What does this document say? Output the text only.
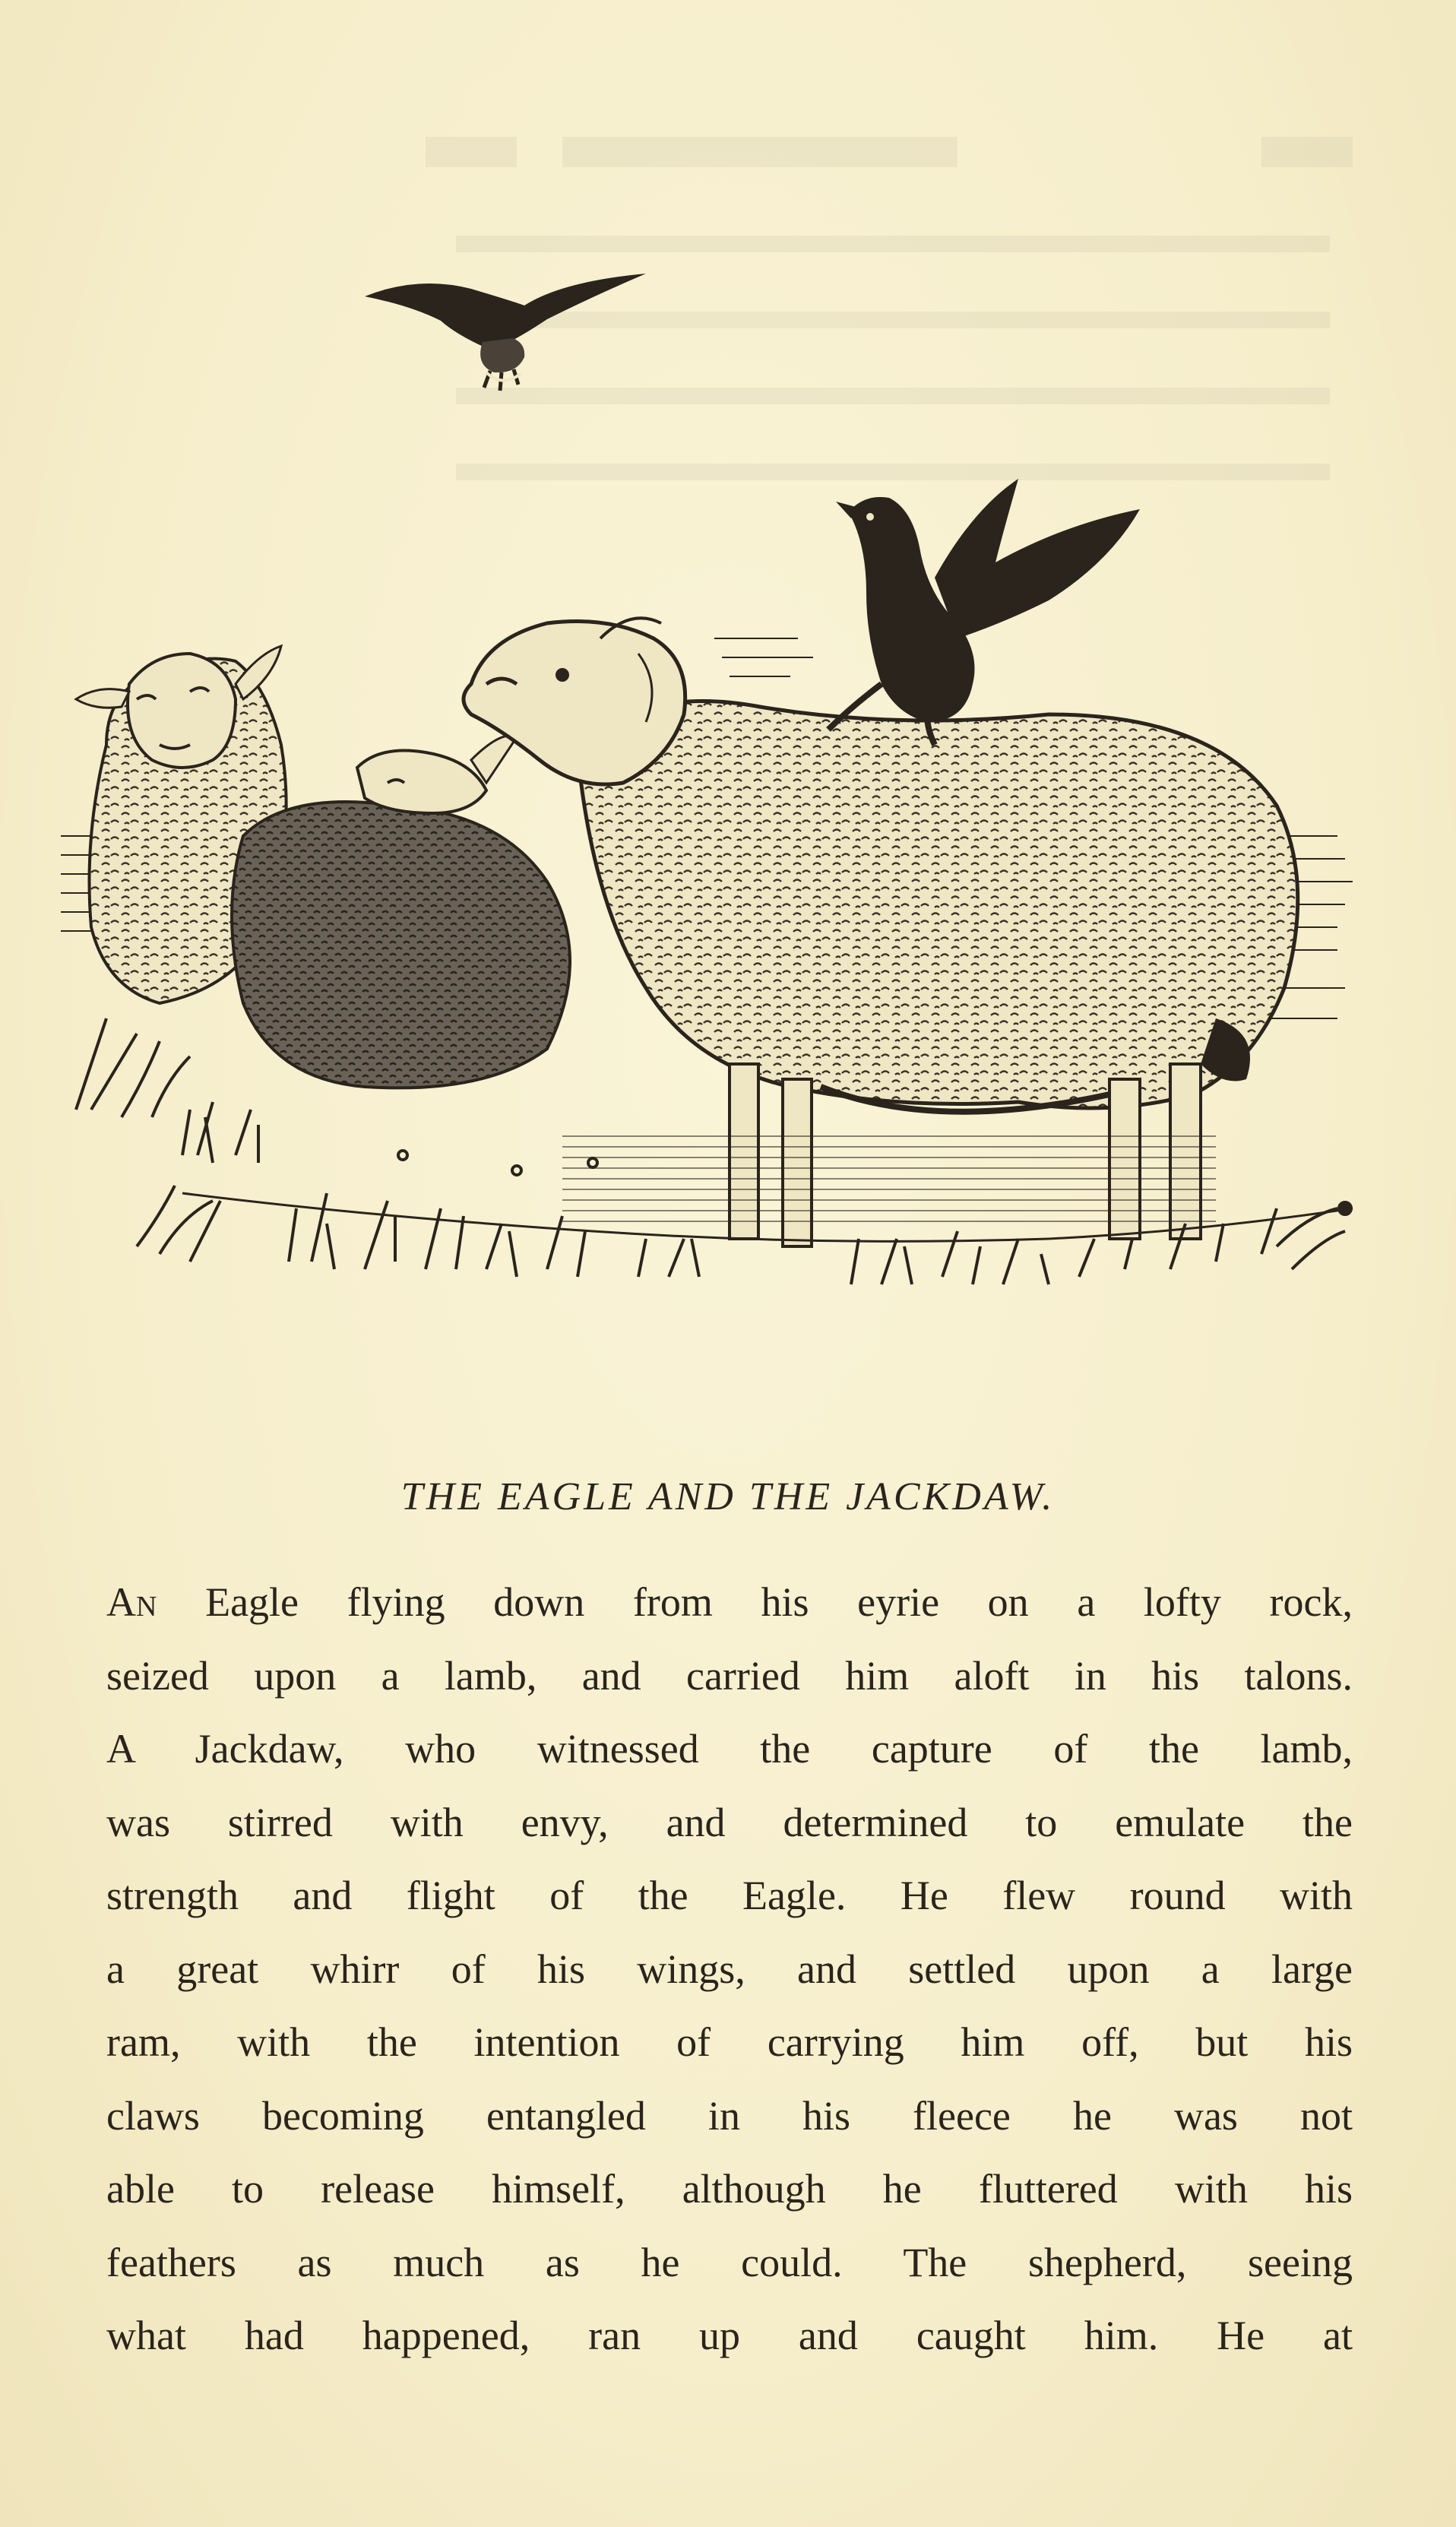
THE EAGLE AND THE JACKDAW.
An Eagle flying down from his eyrie on a lofty rock,
seized upon a lamb, and carried him aloft in his talons.
A Jackdaw, who witnessed the capture of the lamb,
was stirred with envy, and determined to emulate the
strength and flight of the Eagle. He flew round with
a great whirr of his wings, and settled upon a large
ram, with the intention of carrying him off, but his
claws becoming entangled in his fleece he was not
able to release himself, although he fluttered with his
feathers as much as he could. The shepherd, seeing
what had happened, ran up and caught him. He at
